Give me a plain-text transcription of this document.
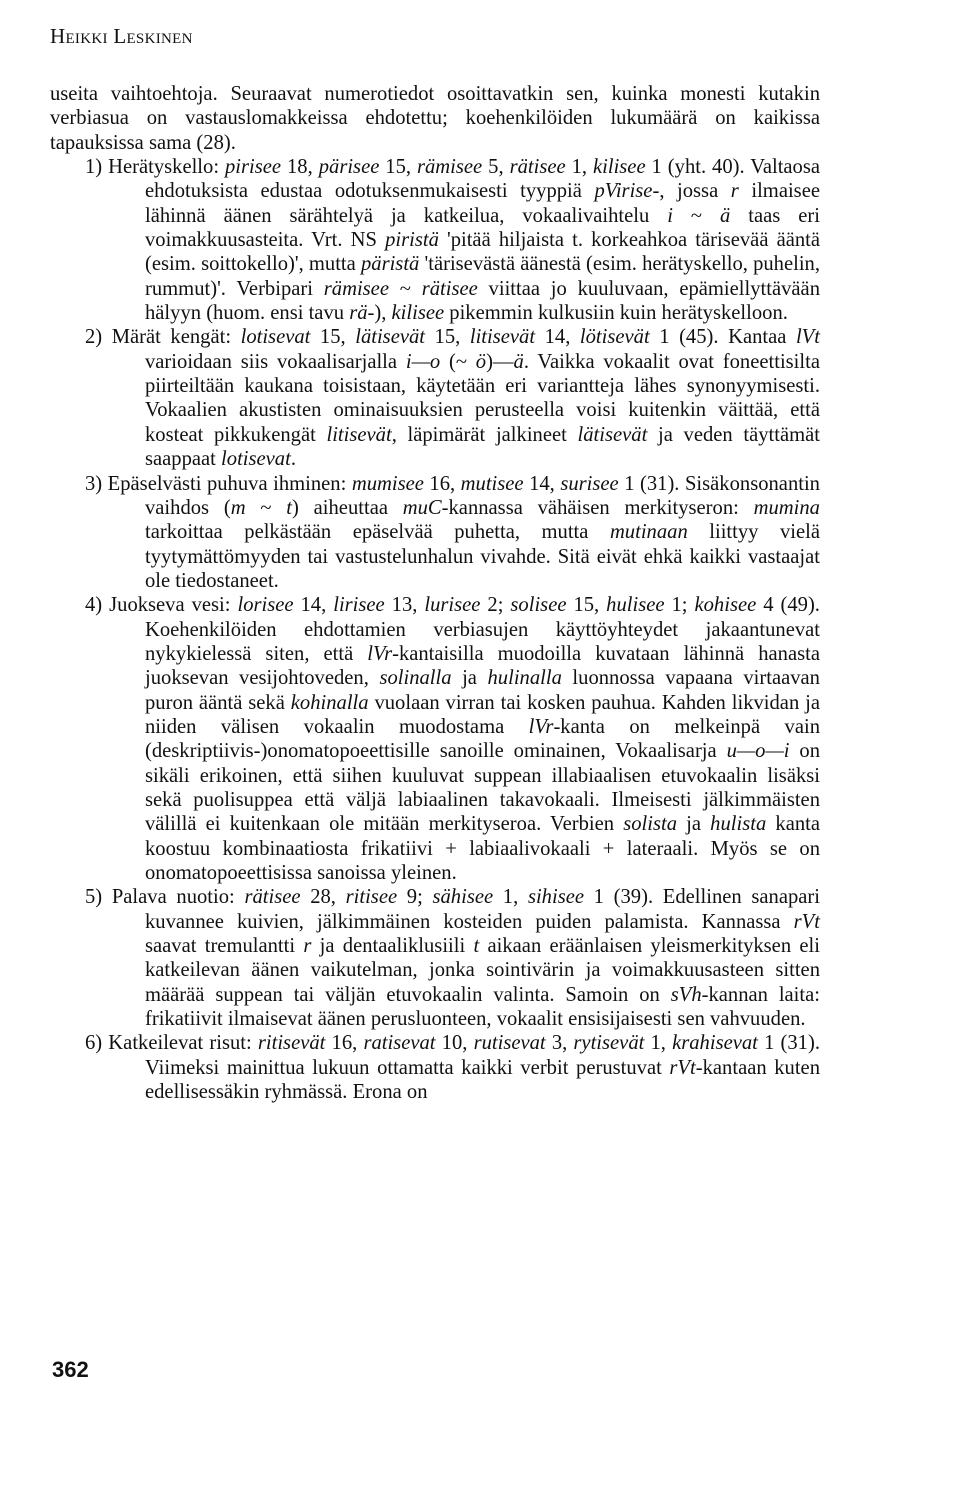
Heikki Leskinen

useita vaihtoehtoja. Seuraavat numerotiedot osoittavatkin sen, kuinka monesti kutakin verbiasua on vastauslomakkeissa ehdotettu; koehenkilöiden lukumäärä on kaikissa tapauksissa sama (28).

1) Herätyskello: pirisee 18, pärisee 15, rämisee 5, rätisee 1, kilisee 1 (yht. 40). Valtaosa ehdotuksista edustaa odotuksenmukaisesti tyyppiä pVirise-, jossa r ilmaisee lähinnä äänen särähtelyä ja katkeilua, vokaalivaihtelu i ~ ä taas eri voimakkuusasteita. Vrt. NS piristä 'pitää hiljaista t. korkeahkoa tärisevää ääntä (esim. soittokello)', mutta päristä 'tärisevästä äänestä (esim. herätyskello, puhelin, rummut)'. Verbipari rämisee ~ rätisee viittaa jo kuuluvaan, epämiellyttävään hälyyn (huom. ensi tavu rä-), kilisee pikemmin kulkusiin kuin herätyskelloon.

2) Märät kengät: lotisevat 15, lätisevät 15, litisevät 14, lötisevät 1 (45). Kantaa lVt varioidaan siis vokaalisarjalla i—o (~ ö)—ä. Vaikka vokaalit ovat foneettisilta piirteiltään kaukana toisistaan, käytetään eri variantteja lähes synonyymisesti. Vokaalien akustisten ominaisuuksien perusteella voisi kuitenkin väittää, että kosteat pikkukengät litisevät, läpimärät jalkineet lätisevät ja veden täyttämät saappaat lotisevat.

3) Epäselvästi puhuva ihminen: mumisee 16, mutisee 14, surisee 1 (31). Sisäkonsonantin vaihdos (m ~ t) aiheuttaa muC-kannassa vähäisen merkityseron: mumina tarkoittaa pelkästään epäselvää puhetta, mutta mutinaan liittyy vielä tyytymättömyyden tai vastustelunhalun vivahde. Sitä eivät ehkä kaikki vastaajat ole tiedostaneet.

4) Juokseva vesi: lorisee 14, lirisee 13, lurisee 2; solisee 15, hulisee 1; kohisee 4 (49). Koehenkilöiden ehdottamien verbiasujen käyttöyhteydet jakaantunevat nykykielessä siten, että lVr-kantaisilla muodoilla kuvataan lähinnä hanasta juoksevan vesijohtoveden, solinalla ja hulinalla luonnossa vapaana virtaavan puron ääntä sekä kohinalla vuolaan virran tai kosken pauhua. Kahden likvidan ja niiden välisen vokaalin muodostama lVr-kanta on melkeinpä vain (deskriptiivis-)onomatopoeettisille sanoille ominainen, Vokaalisarja u—o—i on sikäli erikoinen, että siihen kuuluvat suppean illabiaalisen etuvokaalin lisäksi sekä puolisuppea että väljä labiaalinen takavokaali. Ilmeisesti jälkimmäisten välillä ei kuitenkaan ole mitään merkityseroa. Verbien solista ja hulista kanta koostuu kombinaatiosta frikatiivi + labiaalivokaali + lateraali. Myös se on onomatopoeettisissa sanoissa yleinen.

5) Palava nuotio: rätisee 28, ritisee 9; sähisee 1, sihisee 1 (39). Edellinen sanapari kuvannee kuivien, jälkimmäinen kosteiden puiden palamista. Kannassa rVt saavat tremulantti r ja dentaaliklusiili t aikaan eräänlaisen yleismerkityksen eli katkeilevan äänen vaikutelman, jonka sointivärin ja voimakkuusasteen sitten määrää suppean tai väljän etuvokaalin valinta. Samoin on sVh-kannan laita: frikatiivit ilmaisevat äänen perusluonteen, vokaalit ensisijaisesti sen vahvuuden.

6) Katkeilevat risut: ritisevät 16, ratisevat 10, rutisevat 3, rytisevät 1, krahisevat 1 (31). Viimeksi mainittua lukuun ottamatta kaikki verbit perustuvat rVt-kantaan kuten edellisessäkin ryhmässä. Erona on

362
